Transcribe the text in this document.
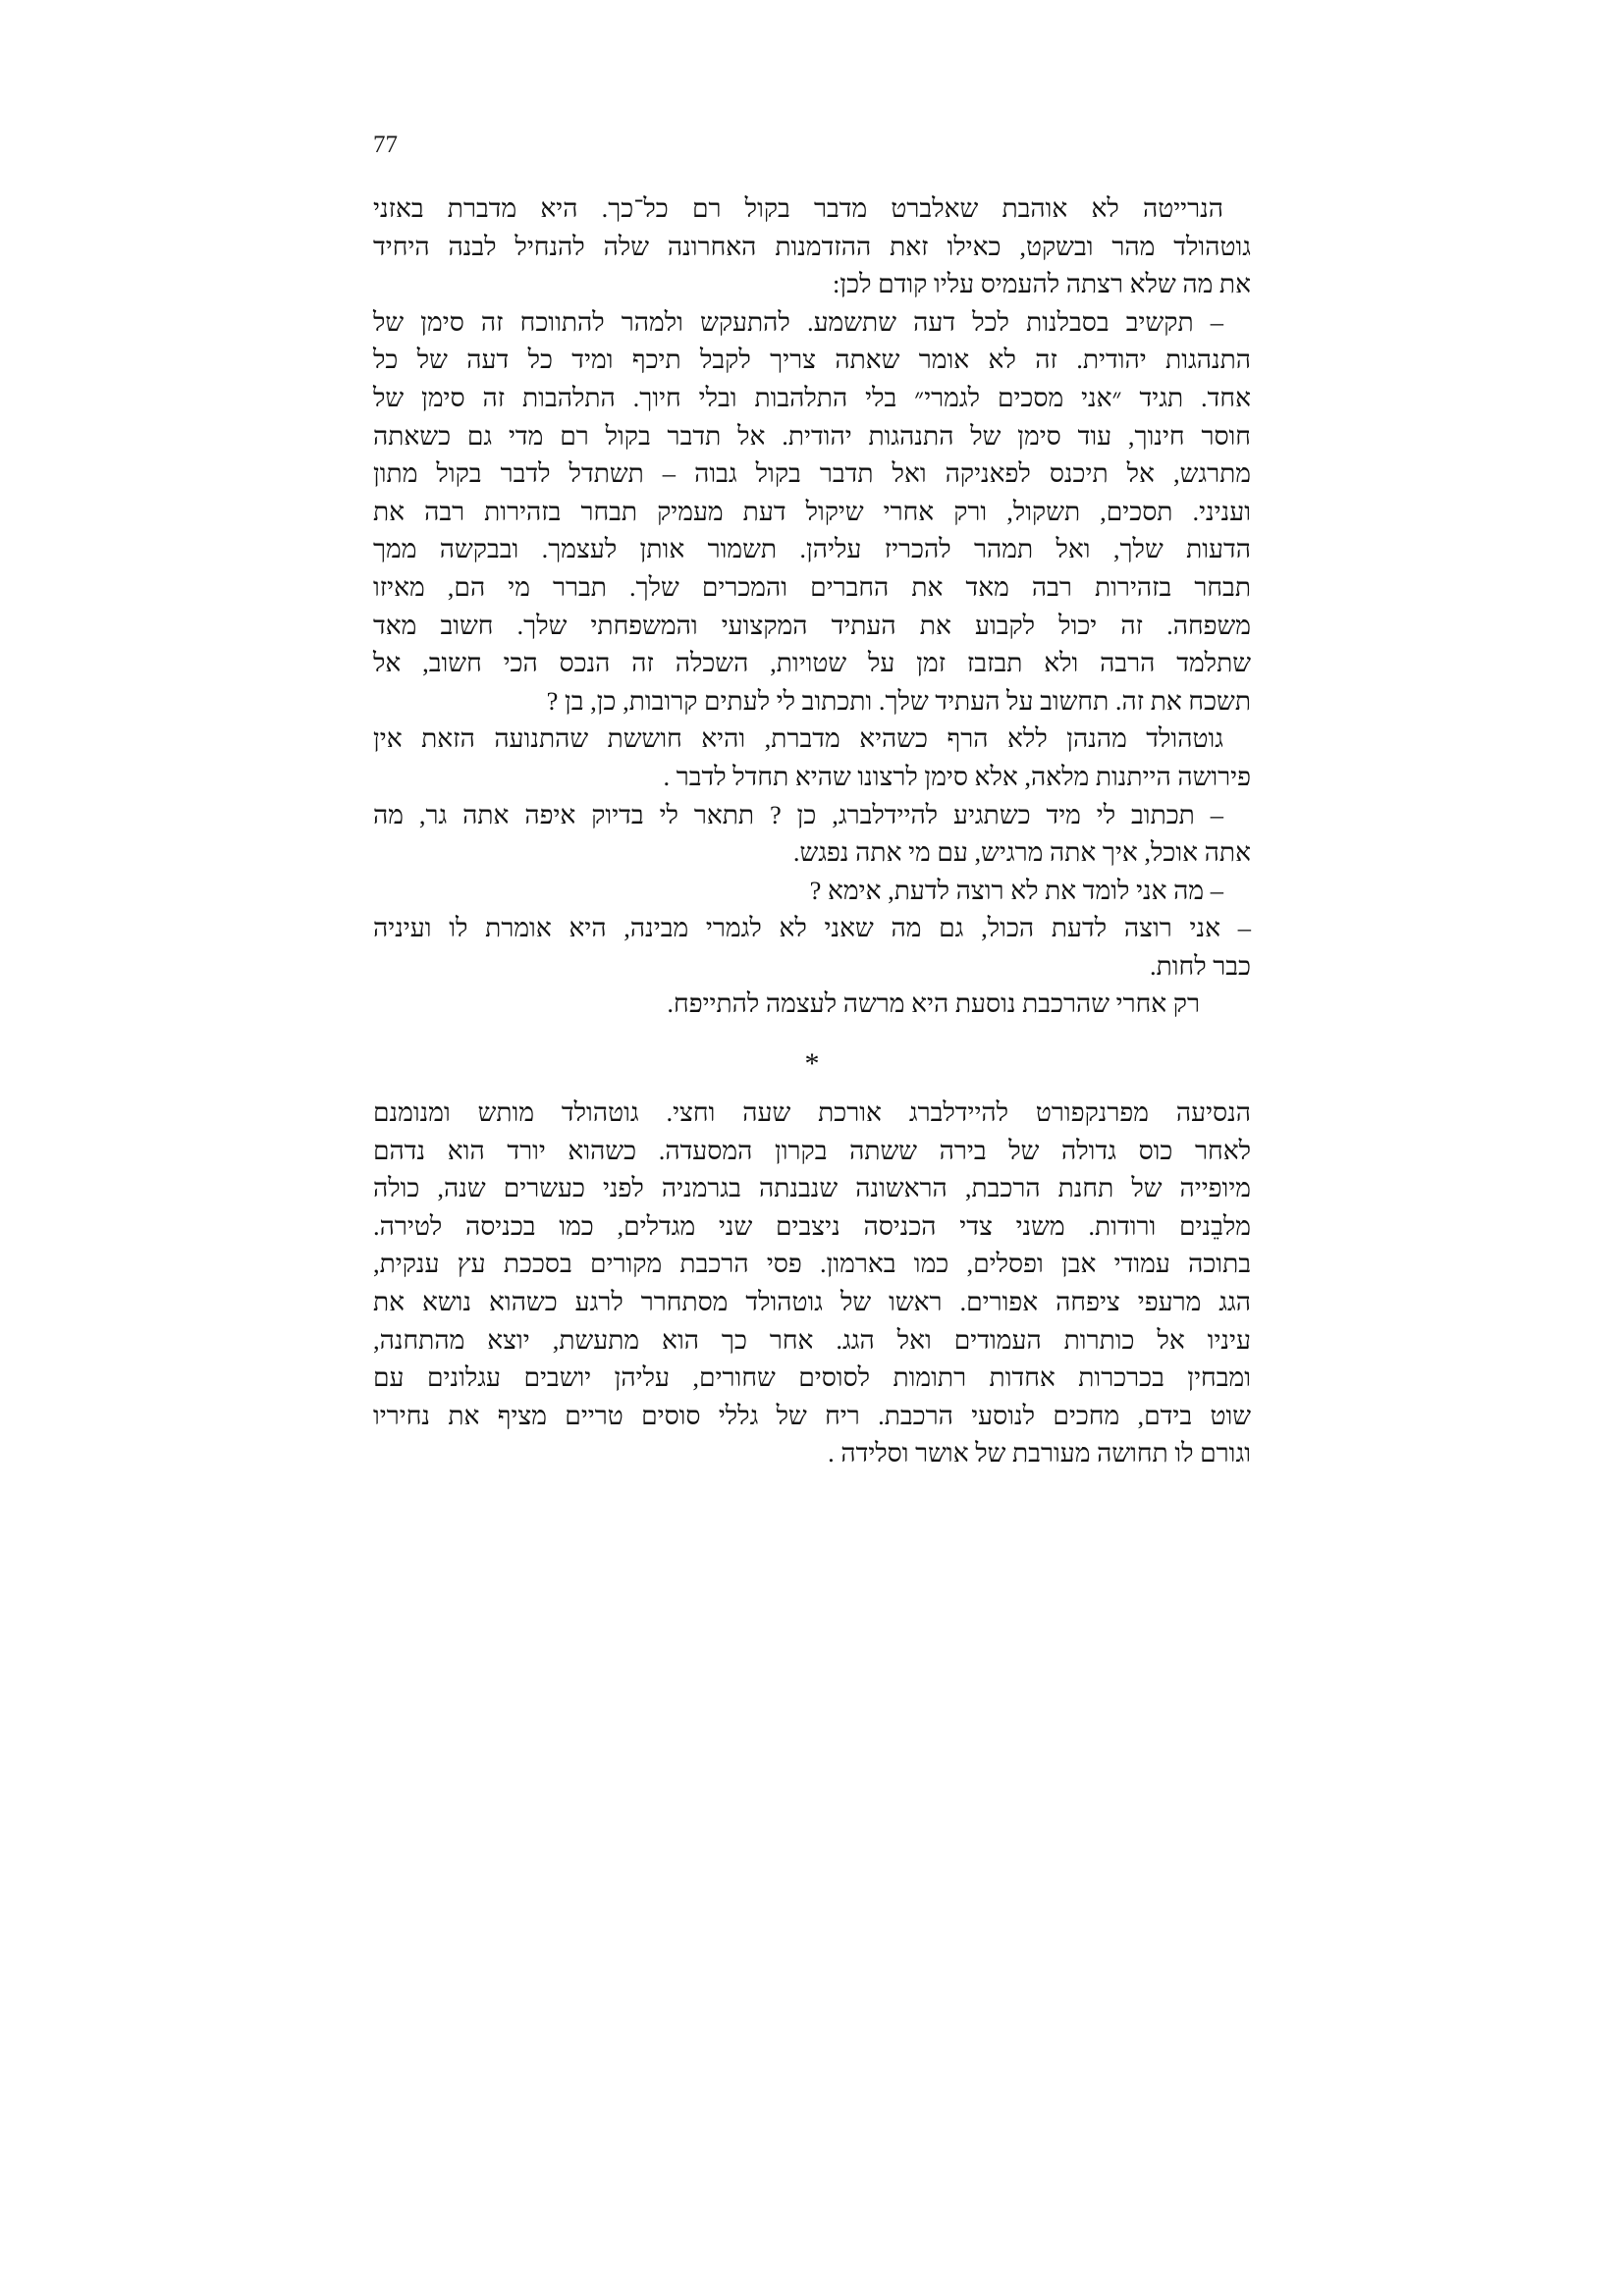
77
הנרייטה לא אוהבת שאלברט מדבר בקול רם כל־כך. היא מדברת באזני
גוטהולד מהר ובשקט, כאילו זאת ההזדמנות האחרונה שלה להנחיל לבנה היחיד
את מה שלא רצתה להעמיס עליו קודם לכן:
– תקשיב בסבלנות לכל דעה שתשמע. להתעקש ולמהר להתווכח זה סימן של
התנהגות יהודית. זה לא אומר שאתה צריך לקבל תיכף ומיד כל דעה של כל
אחד. תגיד ״אני מסכים לגמרי״ בלי התלהבות ובלי חיוך. התלהבות זה סימן של
חוסר חינוך, עוד סימן של התנהגות יהודית. אל תדבר בקול רם מדי גם כשאתה
מתרגש, אל תיכנס לפאניקה ואל תדבר בקול גבוה – תשתדל לדבר בקול מתון
ועניני. תסכים, תשקול, ורק אחרי שיקול דעת מעמיק תבחר בזהירות רבה את
הדעות שלך, ואל תמהר להכריז עליהן. תשמור אותן לעצמך. ובבקשה ממך
תבחר בזהירות רבה מאד את החברים והמכרים שלך. תברר מי הם, מאיזו
משפחה. זה יכול לקבוע את העתיד המקצועי והמשפחתי שלך. חשוב מאד
שתלמד הרבה ולא תבזבז זמן על שטויות, השכלה זה הנכס הכי חשוב, אל
תשכח את זה. תחשוב על העתיד שלך. ותכתוב לי לעתים קרובות, כן, בן ?
גוטהולד מהנהן ללא הרף כשהיא מדברת, והיא חוששת שהתנועה הזאת אין
פירושה הייתנות מלאה, אלא סימן לרצונו שהיא תחדל לדבר .
– תכתוב לי מיד כשתגיע להיידלברג, כן ? תתאר לי בדיוק איפה אתה גר, מה
אתה אוכל, איך אתה מרגיש, עם מי אתה נפגש.
– מה אני לומד את לא רוצה לדעת, אימא ?
– אני רוצה לדעת הכול, גם מה שאני לא לגמרי מבינה, היא אומרת לו ועיניה
כבר לחות.
רק אחרי שהרכבת נוסעת היא מרשה לעצמה להתייפח.
*
הנסיעה מפרנקפורט להיידלברג אורכת שעה וחצי. גוטהולד מותש ומנומנם
לאחר כוס גדולה של בירה ששתה בקרון המסעדה. כשהוא יורד הוא נדהם
מיופייה של תחנת הרכבת, הראשונה שנבנתה בגרמניה לפני כעשרים שנה, כולה
מלבֵנים ורודות. משני צדי הכניסה ניצבים שני מגדלים, כמו בכניסה לטירה.
בתוכה עמודי אבן ופסלים, כמו בארמון. פסי הרכבת מקורים בסככת עץ ענקית,
הגג מרעפי ציפחה אפורים. ראשו של גוטהולד מסתחרר לרגע כשהוא נושא את
עיניו אל כותרות העמודים ואל הגג. אחר כך הוא מתעשת, יוצא מהתחנה,
ומבחין בכרכרות אחדות רתומות לסוסים שחורים, עליהן יושבים עגלונים עם
שוט בידם, מחכים לנוסעי הרכבת. ריח של גללי סוסים טריים מציף את נחיריו
וגורם לו תחושה מעורבת של אושר וסלידה .
